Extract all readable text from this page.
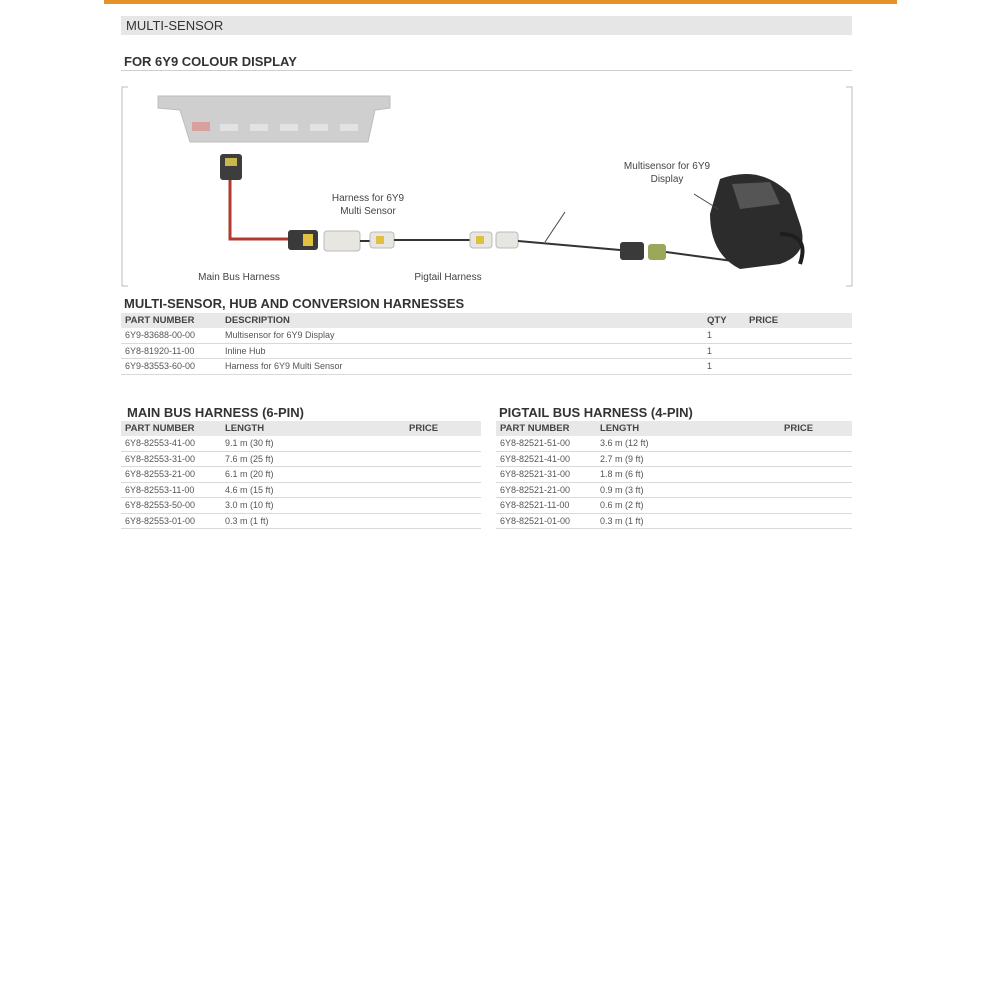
MULTI-SENSOR
FOR 6Y9 COLOUR DISPLAY
Harness for 6Y9 Multi Sensor
Multisensor for 6Y9 Display
Main Bus Harness	Pigtail Harness
MULTI-SENSOR, HUB AND CONVERSION HARNESSES
PART NUMBER	DESCRIPTION	QTY	PRICE
6Y9-83688-00-00	Multisensor for 6Y9 Display	1	
6Y8-81920-11-00	Inline Hub	1	
6Y9-83553-60-00	Harness for 6Y9 Multi Sensor	1	
MAIN BUS HARNESS (6-PIN)
PART NUMBER	LENGTH	PRICE
6Y8-82553-41-00	9.1 m (30 ft)	
6Y8-82553-31-00	7.6 m (25 ft)	
6Y8-82553-21-00	6.1 m (20 ft)	
6Y8-82553-11-00	4.6 m (15 ft)	
6Y8-82553-50-00	3.0 m (10 ft)	
6Y8-82553-01-00	0.3 m (1 ft)	
PIGTAIL BUS HARNESS (4-PIN)
PART NUMBER	LENGTH	PRICE
6Y8-82521-51-00	3.6 m (12 ft)	
6Y8-82521-41-00	2.7 m (9 ft)	
6Y8-82521-31-00	1.8 m (6 ft)	
6Y8-82521-21-00	0.9 m (3 ft)	
6Y8-82521-11-00	0.6 m (2 ft)	
6Y8-82521-01-00	0.3 m (1 ft)	
